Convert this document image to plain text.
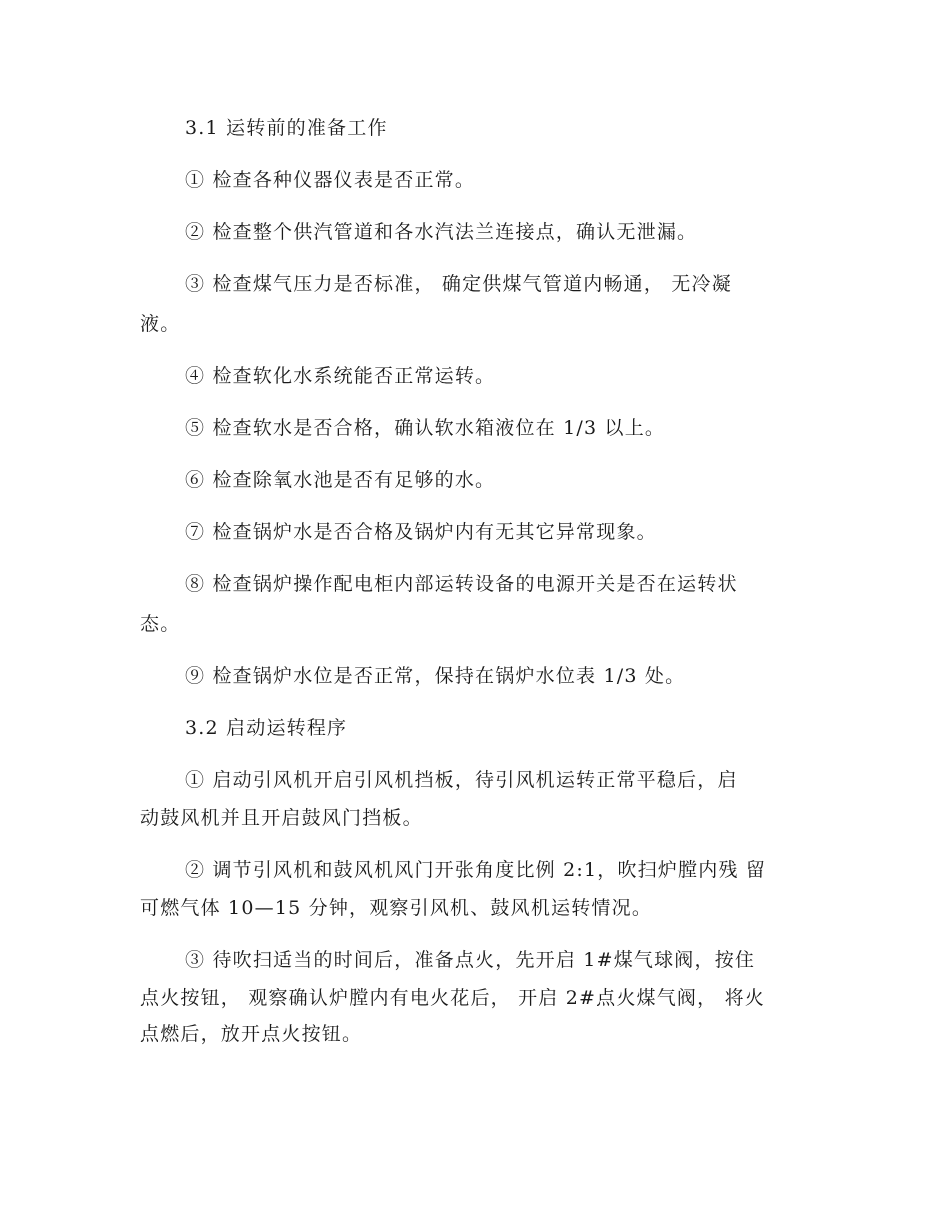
3.1 运转前的准备工作
① 检查各种仪器仪表是否正常。
② 检查整个供汽管道和各水汽法兰连接点，确认无泄漏。
③ 检查煤气压力是否标准， 确定供煤气管道内畅通， 无冷凝
液。
④ 检查软化水系统能否正常运转。
⑤ 检查软水是否合格，确认软水箱液位在 1/3 以上。
⑥ 检查除氧水池是否有足够的水。
⑦ 检查锅炉水是否合格及锅炉内有无其它异常现象。
⑧ 检查锅炉操作配电柜内部运转设备的电源开关是否在运转状
态。
⑨ 检查锅炉水位是否正常，保持在锅炉水位表 1/3 处。
3.2 启动运转程序
① 启动引风机开启引风机挡板，待引风机运转正常平稳后，启
动鼓风机并且开启鼓风门挡板。
② 调节引风机和鼓风机风门开张角度比例 2:1，吹扫炉膛内残 留
可燃气体 10—15 分钟，观察引风机、鼓风机运转情况。
③ 待吹扫适当的时间后，准备点火，先开启 1#煤气球阀，按住
点火按钮， 观察确认炉膛内有电火花后， 开启 2#点火煤气阀， 将火
点燃后，放开点火按钮。
